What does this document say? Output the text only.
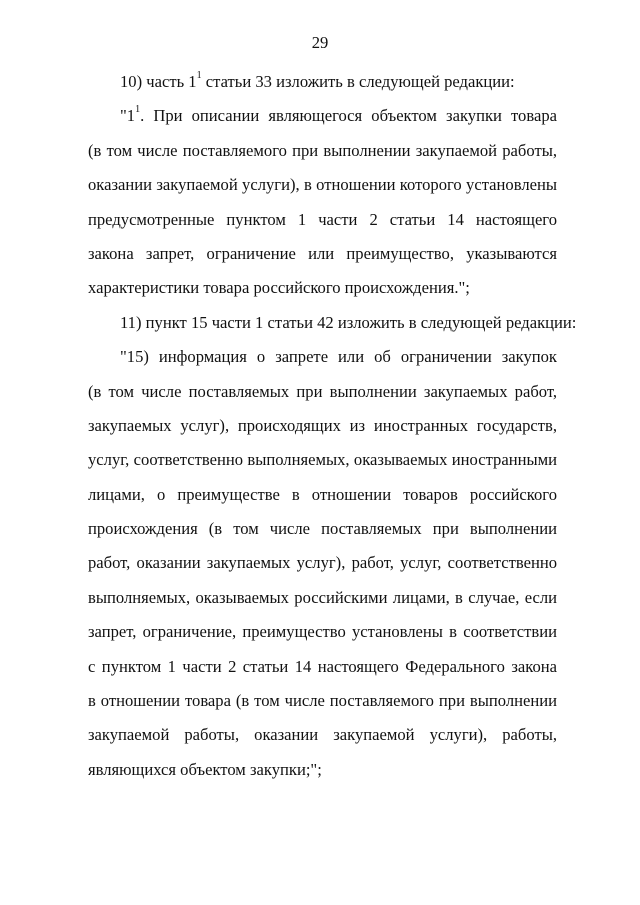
29
10) часть $1^1$ статьи 33 изложить в следующей редакции:
"$1^1$. При описании являющегося объектом закупки товара
(в том числе поставляемого при выполнении закупаемой работы,
оказании закупаемой услуги), в отношении которого установлены
предусмотренные пунктом 1 части 2 статьи 14 настоящего
закона запрет, ограничение или преимущество, указываются
характеристики товара российского происхождения.";
11) пункт 15 части 1 статьи 42 изложить в следующей редакции:
"15) информация о запрете или об ограничении закупок
(в том числе поставляемых при выполнении закупаемых работ,
закупаемых услуг), происходящих из иностранных государств,
услуг, соответственно выполняемых, оказываемых иностранными
лицами, о преимуществе в отношении товаров российского
происхождения (в том числе поставляемых при выполнении
работ, оказании закупаемых услуг), работ, услуг, соответственно
выполняемых, оказываемых российскими лицами, в случае, если
запрет, ограничение, преимущество установлены в соответствии
с пунктом 1 части 2 статьи 14 настоящего Федерального закона
в отношении товара (в том числе поставляемого при выполнении
закупаемой работы, оказании закупаемой услуги), работы,
являющихся объектом закупки;";
